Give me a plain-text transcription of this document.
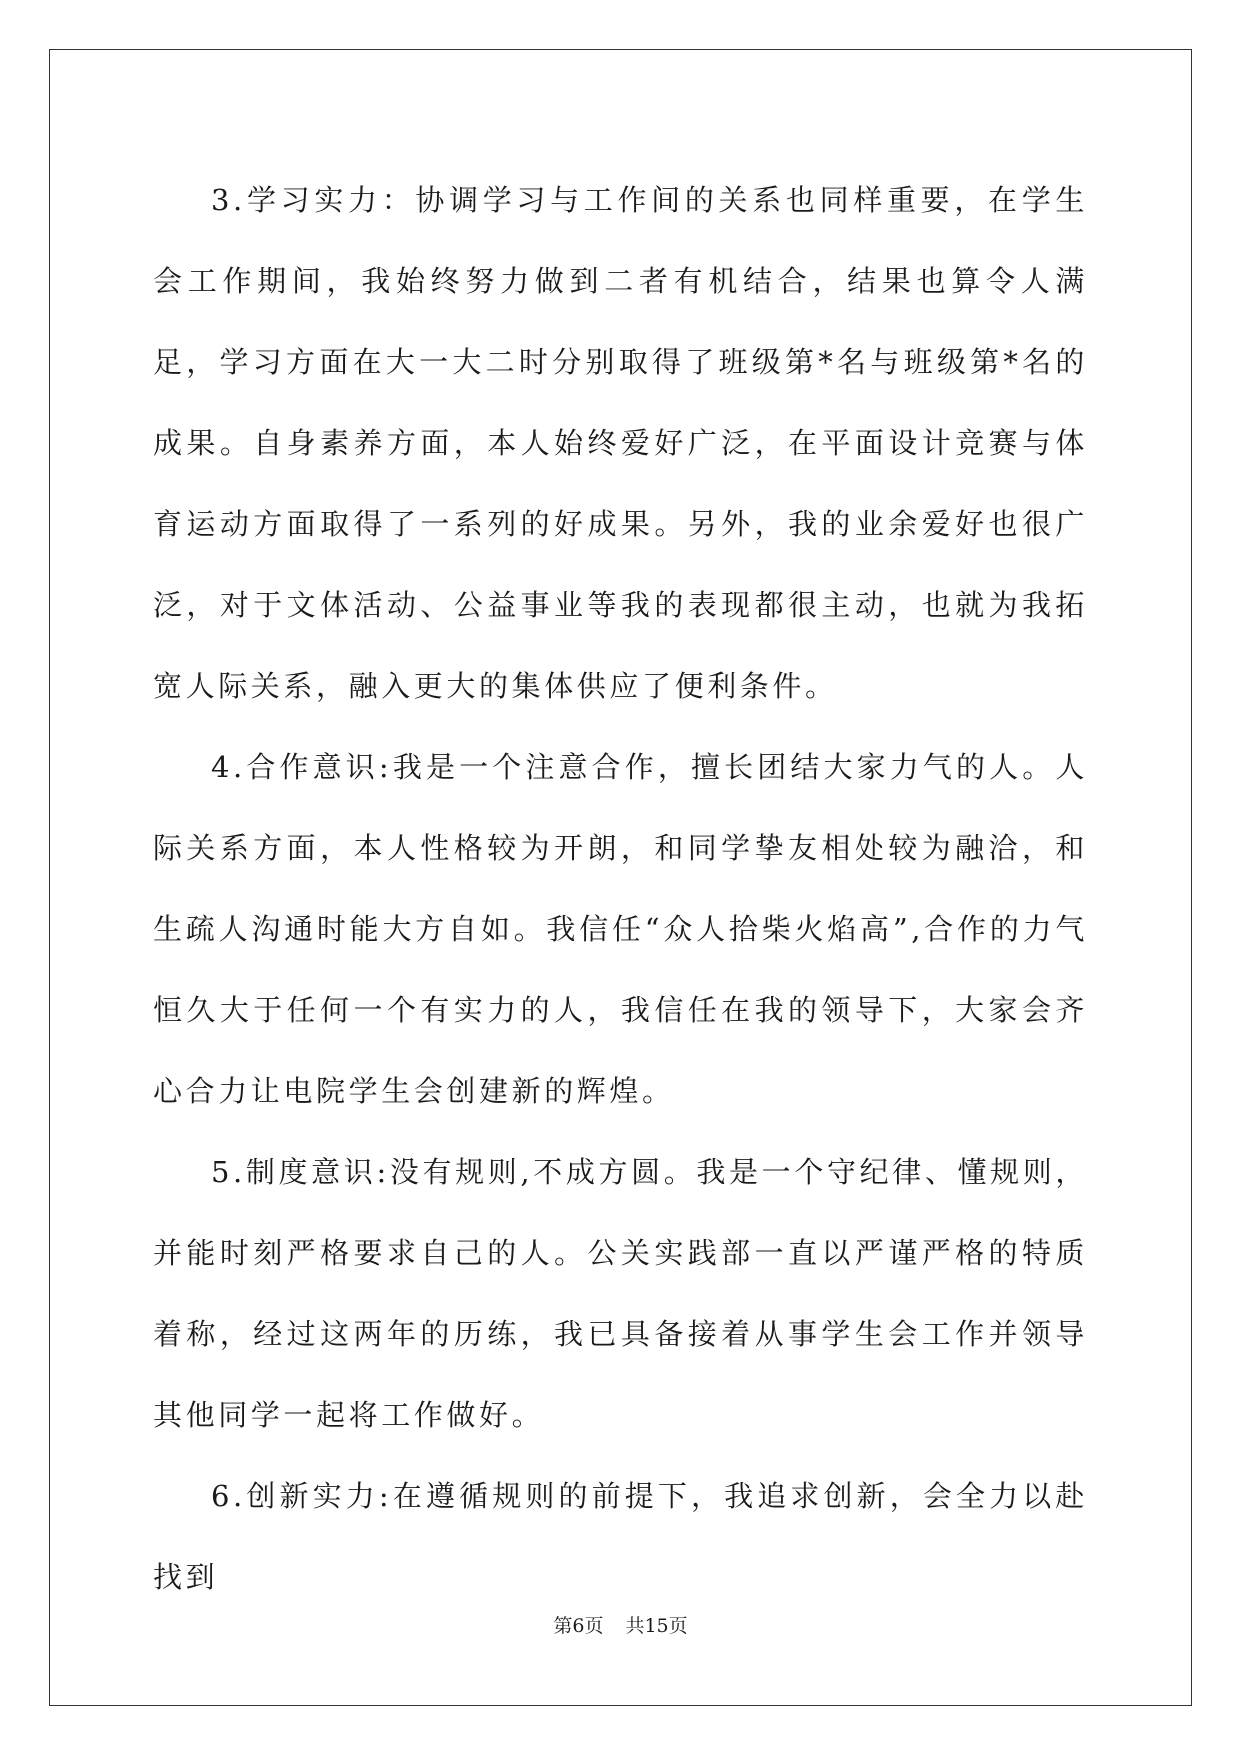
3.学习实力：协调学习与工作间的关系也同样重要，在学生会工作期间，我始终努力做到二者有机结合，结果也算令人满足，学习方面在大一大二时分别取得了班级第*名与班级第*名的成果。自身素养方面，本人始终爱好广泛，在平面设计竞赛与体育运动方面取得了一系列的好成果。另外，我的业余爱好也很广泛，对于文体活动、公益事业等我的表现都很主动，也就为我拓宽人际关系，融入更大的集体供应了便利条件。

4.合作意识:我是一个注意合作，擅长团结大家力气的人。人际关系方面，本人性格较为开朗，和同学挚友相处较为融洽，和生疏人沟通时能大方自如。我信任“众人拾柴火焰高”,合作的力气恒久大于任何一个有实力的人，我信任在我的领导下，大家会齐心合力让电院学生会创建新的辉煌。

5.制度意识:没有规则,不成方圆。我是一个守纪律、懂规则，并能时刻严格要求自己的人。公关实践部一直以严谨严格的特质着称，经过这两年的历练，我已具备接着从事学生会工作并领导其他同学一起将工作做好。

6.创新实力:在遵循规则的前提下，我追求创新，会全力以赴找到

第6页 共15页
